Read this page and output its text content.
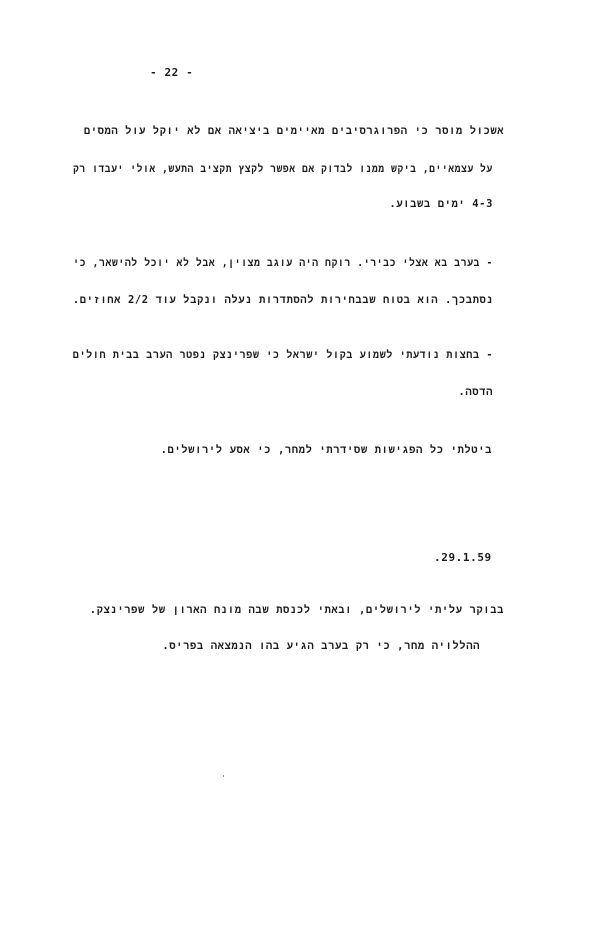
- 22 -
אשכול מוסר כי הפרוגרסיבים מאיימים ביציאה אם לא יוקל עול המסים
על עצמאיים, ביקש ממנו לבדוק אם אפשר לקצץ תקציב התעש, אולי יעבדו רק
4-3 ימים בשבוע.
- בערב בא אצלי כבירי. רוקח היה עוגב מצוין, אבל לא יוכל להישאר, כי
נסתבכך. הוא בטוח שבבחירות להסתדרות נעלה ונקבל עוד 2/2 אחוזים.
- בחצות נודעתי לשמוע בקול ישראל כי שפרינצק נפטר הערב בבית חולים
הדסה.
ביטלתי כל הפגישות שסידרתי למחר, כי אסע לירושלים.
.29.1.59
בבוקר עליתי לירושלים, ובאתי לכנסת שבה מונח הארון של שפרינצק.
ההללויה מחר, כי רק בערב הגיע בהו הנמצאה בפריס.
